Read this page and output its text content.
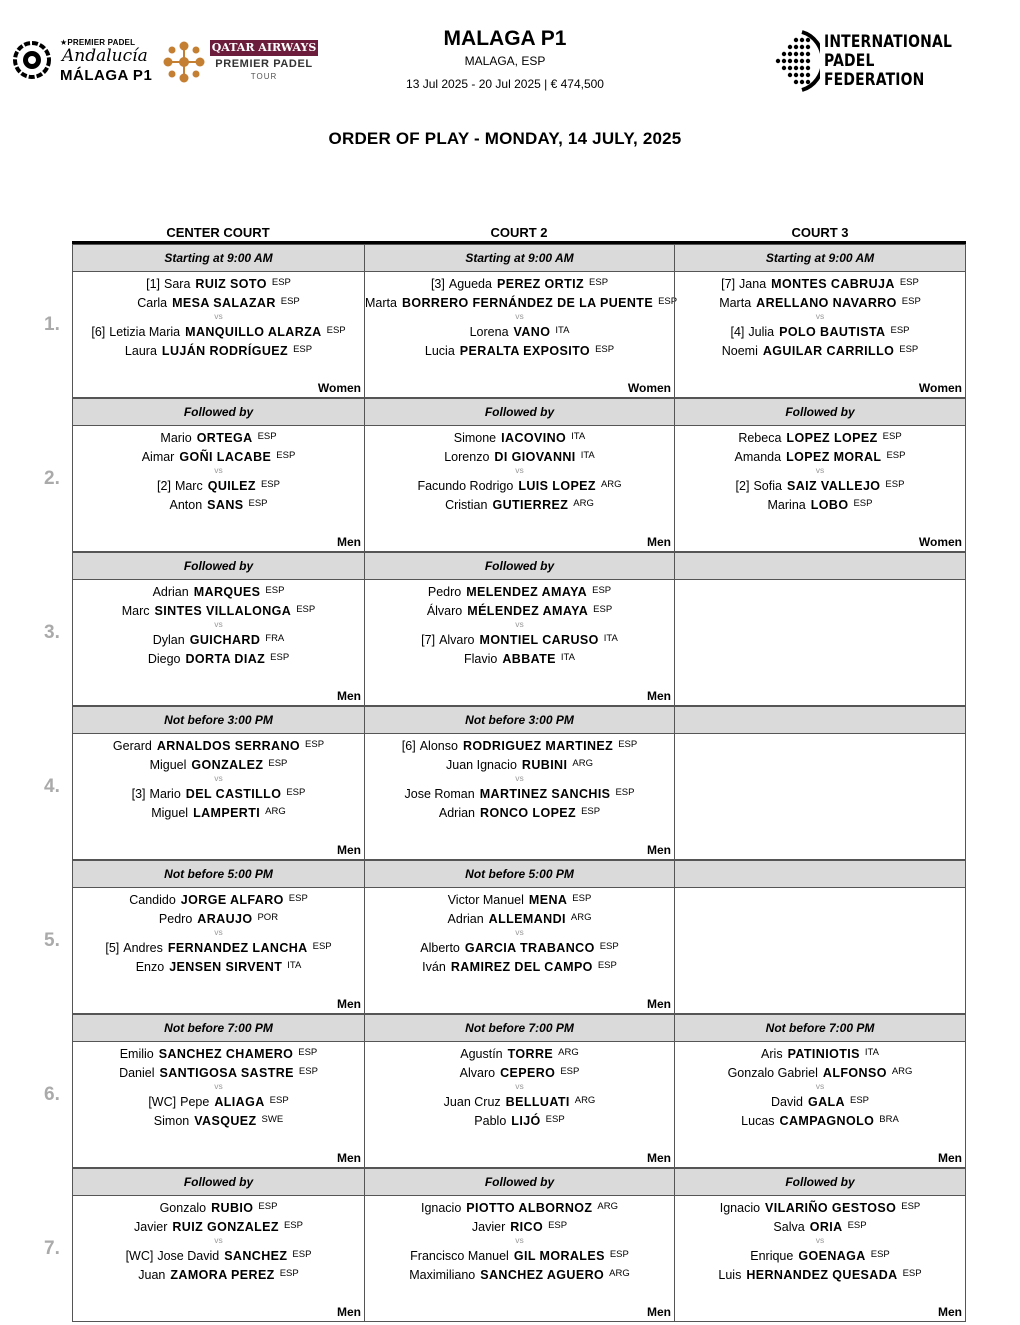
★PREMIER PADEL
Andalucía
MÁLAGA P1
QATAR AIRWAYS
PREMIER PADEL
TOUR
MALAGA P1
MALAGA, ESP
13 Jul 2025 - 20 Jul 2025 | € 474,500
INTERNATIONAL
PADEL
FEDERATION
ORDER OF PLAY - MONDAY, 14 JULY, 2025
CENTER COURT	COURT 2	COURT 3
1.
Starting at 9:00 AM
[1] Sara RUIZ SOTO $^{ESP}$
Carla MESA SALAZAR $^{ESP}$
vs
[6] Letizia Maria MANQUILLO ALARZA $^{ESP}$
Laura LUJÁN RODRÍGUEZ $^{ESP}$
Women
Starting at 9:00 AM
[3] Agueda PEREZ ORTIZ $^{ESP}$
Marta BORRERO FERNÁNDEZ DE LA PUENTE $^{ESP}$
vs
Lorena VANO $^{ITA}$
Lucia PERALTA EXPOSITO $^{ESP}$
Women
Starting at 9:00 AM
[7] Jana MONTES CABRUJA $^{ESP}$
Marta ARELLANO NAVARRO $^{ESP}$
vs
[4] Julia POLO BAUTISTA $^{ESP}$
Noemi AGUILAR CARRILLO $^{ESP}$
Women
2.
Followed by
Mario ORTEGA $^{ESP}$
Aimar GOÑI LACABE $^{ESP}$
vs
[2] Marc QUILEZ $^{ESP}$
Anton SANS $^{ESP}$
Men
Followed by
Simone IACOVINO $^{ITA}$
Lorenzo DI GIOVANNI $^{ITA}$
vs
Facundo Rodrigo LUIS LOPEZ $^{ARG}$
Cristian GUTIERREZ $^{ARG}$
Men
Followed by
Rebeca LOPEZ LOPEZ $^{ESP}$
Amanda LOPEZ MORAL $^{ESP}$
vs
[2] Sofia SAIZ VALLEJO $^{ESP}$
Marina LOBO $^{ESP}$
Women
3.
Followed by
Adrian MARQUES $^{ESP}$
Marc SINTES VILLALONGA $^{ESP}$
vs
Dylan GUICHARD $^{FRA}$
Diego DORTA DIAZ $^{ESP}$
Men
Followed by
Pedro MELENDEZ AMAYA $^{ESP}$
Álvaro MÉLENDEZ AMAYA $^{ESP}$
vs
[7] Alvaro MONTIEL CARUSO $^{ITA}$
Flavio ABBATE $^{ITA}$
Men
4.
Not before 3:00 PM
Gerard ARNALDOS SERRANO $^{ESP}$
Miguel GONZALEZ $^{ESP}$
vs
[3] Mario DEL CASTILLO $^{ESP}$
Miguel LAMPERTI $^{ARG}$
Men
Not before 3:00 PM
[6] Alonso RODRIGUEZ MARTINEZ $^{ESP}$
Juan Ignacio RUBINI $^{ARG}$
vs
Jose Roman MARTINEZ SANCHIS $^{ESP}$
Adrian RONCO LOPEZ $^{ESP}$
Men
5.
Not before 5:00 PM
Candido JORGE ALFARO $^{ESP}$
Pedro ARAUJO $^{POR}$
vs
[5] Andres FERNANDEZ LANCHA $^{ESP}$
Enzo JENSEN SIRVENT $^{ITA}$
Men
Not before 5:00 PM
Victor Manuel MENA $^{ESP}$
Adrian ALLEMANDI $^{ARG}$
vs
Alberto GARCIA TRABANCO $^{ESP}$
Iván RAMIREZ DEL CAMPO $^{ESP}$
Men
6.
Not before 7:00 PM
Emilio SANCHEZ CHAMERO $^{ESP}$
Daniel SANTIGOSA SASTRE $^{ESP}$
vs
[WC] Pepe ALIAGA $^{ESP}$
Simon VASQUEZ $^{SWE}$
Men
Not before 7:00 PM
Agustín TORRE $^{ARG}$
Alvaro CEPERO $^{ESP}$
vs
Juan Cruz BELLUATI $^{ARG}$
Pablo LIJÓ $^{ESP}$
Men
Not before 7:00 PM
Aris PATINIOTIS $^{ITA}$
Gonzalo Gabriel ALFONSO $^{ARG}$
vs
David GALA $^{ESP}$
Lucas CAMPAGNOLO $^{BRA}$
Men
7.
Followed by
Gonzalo RUBIO $^{ESP}$
Javier RUIZ GONZALEZ $^{ESP}$
vs
[WC] Jose David SANCHEZ $^{ESP}$
Juan ZAMORA PEREZ $^{ESP}$
Men
Followed by
Ignacio PIOTTO ALBORNOZ $^{ARG}$
Javier RICO $^{ESP}$
vs
Francisco Manuel GIL MORALES $^{ESP}$
Maximiliano SANCHEZ AGUERO $^{ARG}$
Men
Followed by
Ignacio VILARIÑO GESTOSO $^{ESP}$
Salva ORIA $^{ESP}$
vs
Enrique GOENAGA $^{ESP}$
Luis HERNANDEZ QUESADA $^{ESP}$
Men
